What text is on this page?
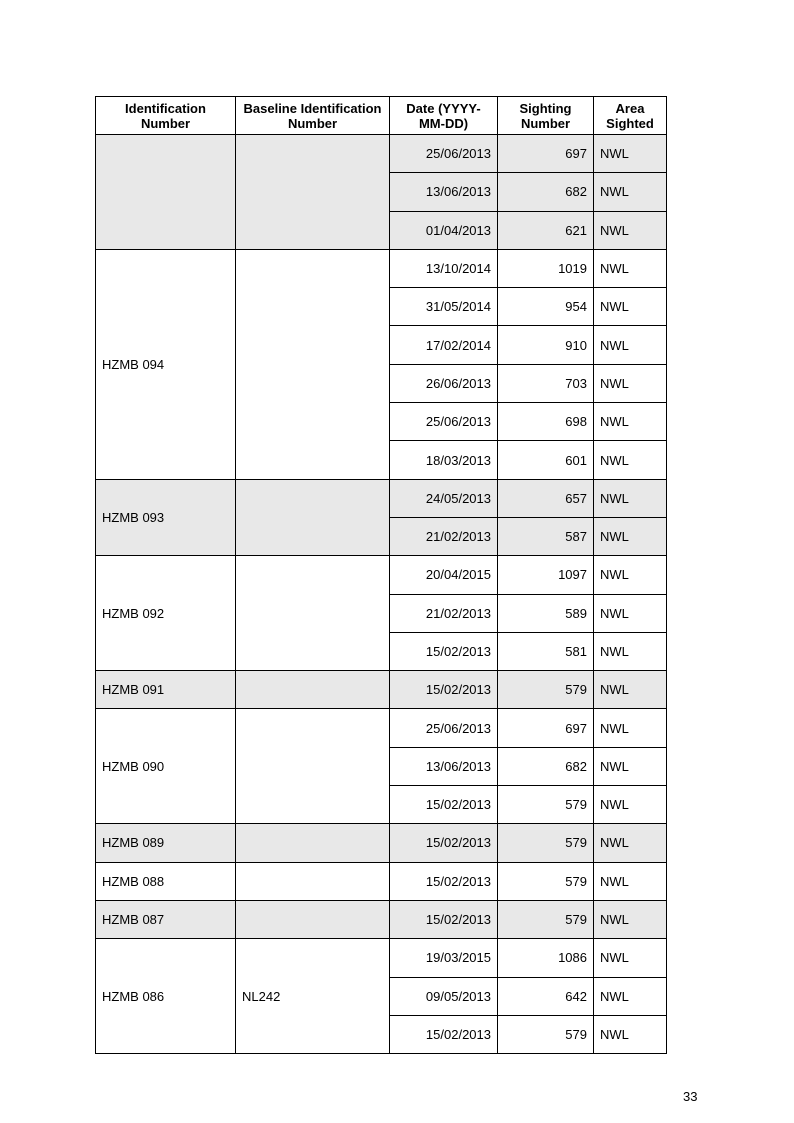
Identification Number	Baseline Identification Number	Date (YYYY-MM-DD)	Sighting Number	Area Sighted
		25/06/2013	697	NWL
		13/06/2013	682	NWL
		01/04/2013	621	NWL
HZMB 094		13/10/2014	1019	NWL
		31/05/2014	954	NWL
		17/02/2014	910	NWL
		26/06/2013	703	NWL
		25/06/2013	698	NWL
		18/03/2013	601	NWL
HZMB 093		24/05/2013	657	NWL
		21/02/2013	587	NWL
HZMB 092		20/04/2015	1097	NWL
		21/02/2013	589	NWL
		15/02/2013	581	NWL
HZMB 091		15/02/2013	579	NWL
HZMB 090		25/06/2013	697	NWL
		13/06/2013	682	NWL
		15/02/2013	579	NWL
HZMB 089		15/02/2013	579	NWL
HZMB 088		15/02/2013	579	NWL
HZMB 087		15/02/2013	579	NWL
HZMB 086	NL242	19/03/2015	1086	NWL
		09/05/2013	642	NWL
		15/02/2013	579	NWL
33
